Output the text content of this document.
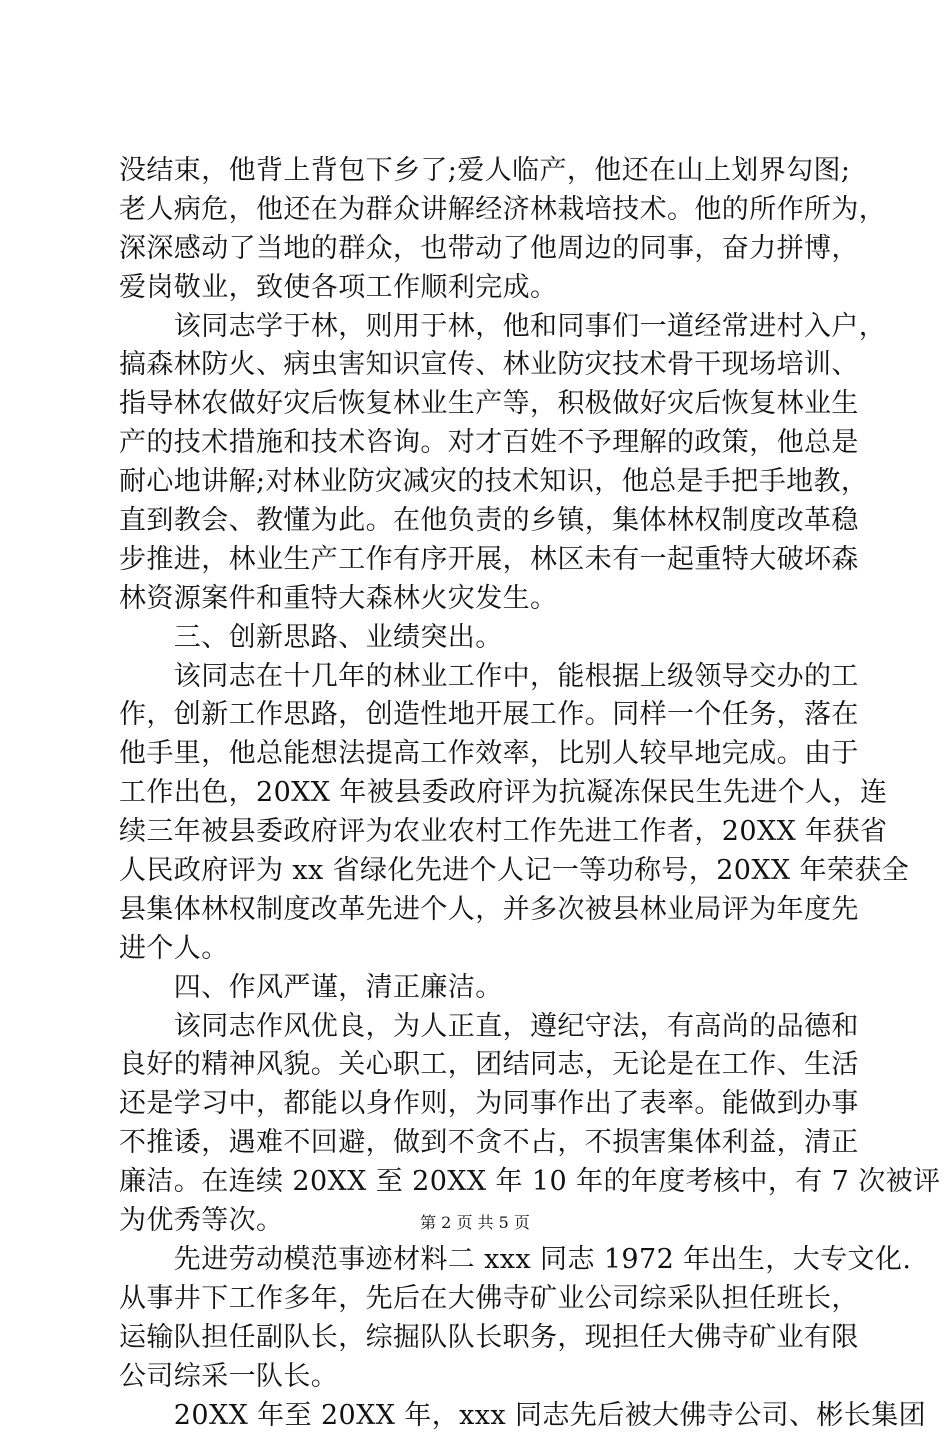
没结束，他背上背包下乡了;爱人临产，他还在山上划界勾图;
老人病危，他还在为群众讲解经济林栽培技术。他的所作所为，
深深感动了当地的群众，也带动了他周边的同事，奋力拼博，
爱岗敬业，致使各项工作顺利完成。
　　该同志学于林，则用于林，他和同事们一道经常进村入户，
搞森林防火、病虫害知识宣传、林业防灾技术骨干现场培训、
指导林农做好灾后恢复林业生产等，积极做好灾后恢复林业生
产的技术措施和技术咨询。对才百姓不予理解的政策，他总是
耐心地讲解;对林业防灾减灾的技术知识，他总是手把手地教，
直到教会、教懂为此。在他负责的乡镇，集体林权制度改革稳
步推进，林业生产工作有序开展，林区未有一起重特大破坏森
林资源案件和重特大森林火灾发生。
　　三、创新思路、业绩突出。
　　该同志在十几年的林业工作中，能根据上级领导交办的工
作，创新工作思路，创造性地开展工作。同样一个任务，落在
他手里，他总能想法提高工作效率，比别人较早地完成。由于
工作出色，20XX 年被县委政府评为抗凝冻保民生先进个人，连
续三年被县委政府评为农业农村工作先进工作者，20XX 年获省
人民政府评为 xx 省绿化先进个人记一等功称号，20XX 年荣获全
县集体林权制度改革先进个人，并多次被县林业局评为年度先
进个人。
　　四、作风严谨，清正廉洁。
　　该同志作风优良，为人正直，遵纪守法，有高尚的品德和
良好的精神风貌。关心职工，团结同志，无论是在工作、生活
还是学习中，都能以身作则，为同事作出了表率。能做到办事
不推诿，遇难不回避，做到不贪不占，不损害集体利益，清正
廉洁。在连续 20XX 至 20XX 年 10 年的年度考核中，有 7 次被评
为优秀等次。
　　先进劳动模范事迹材料二 xxx 同志 1972 年出生，大专文化.
从事井下工作多年，先后在大佛寺矿业公司综采队担任班长，
运输队担任副队长，综掘队队长职务，现担任大佛寺矿业有限
公司综采一队长。
　　20XX 年至 20XX 年，xxx 同志先后被大佛寺公司、彬长集团
第 2 页 共 5 页
